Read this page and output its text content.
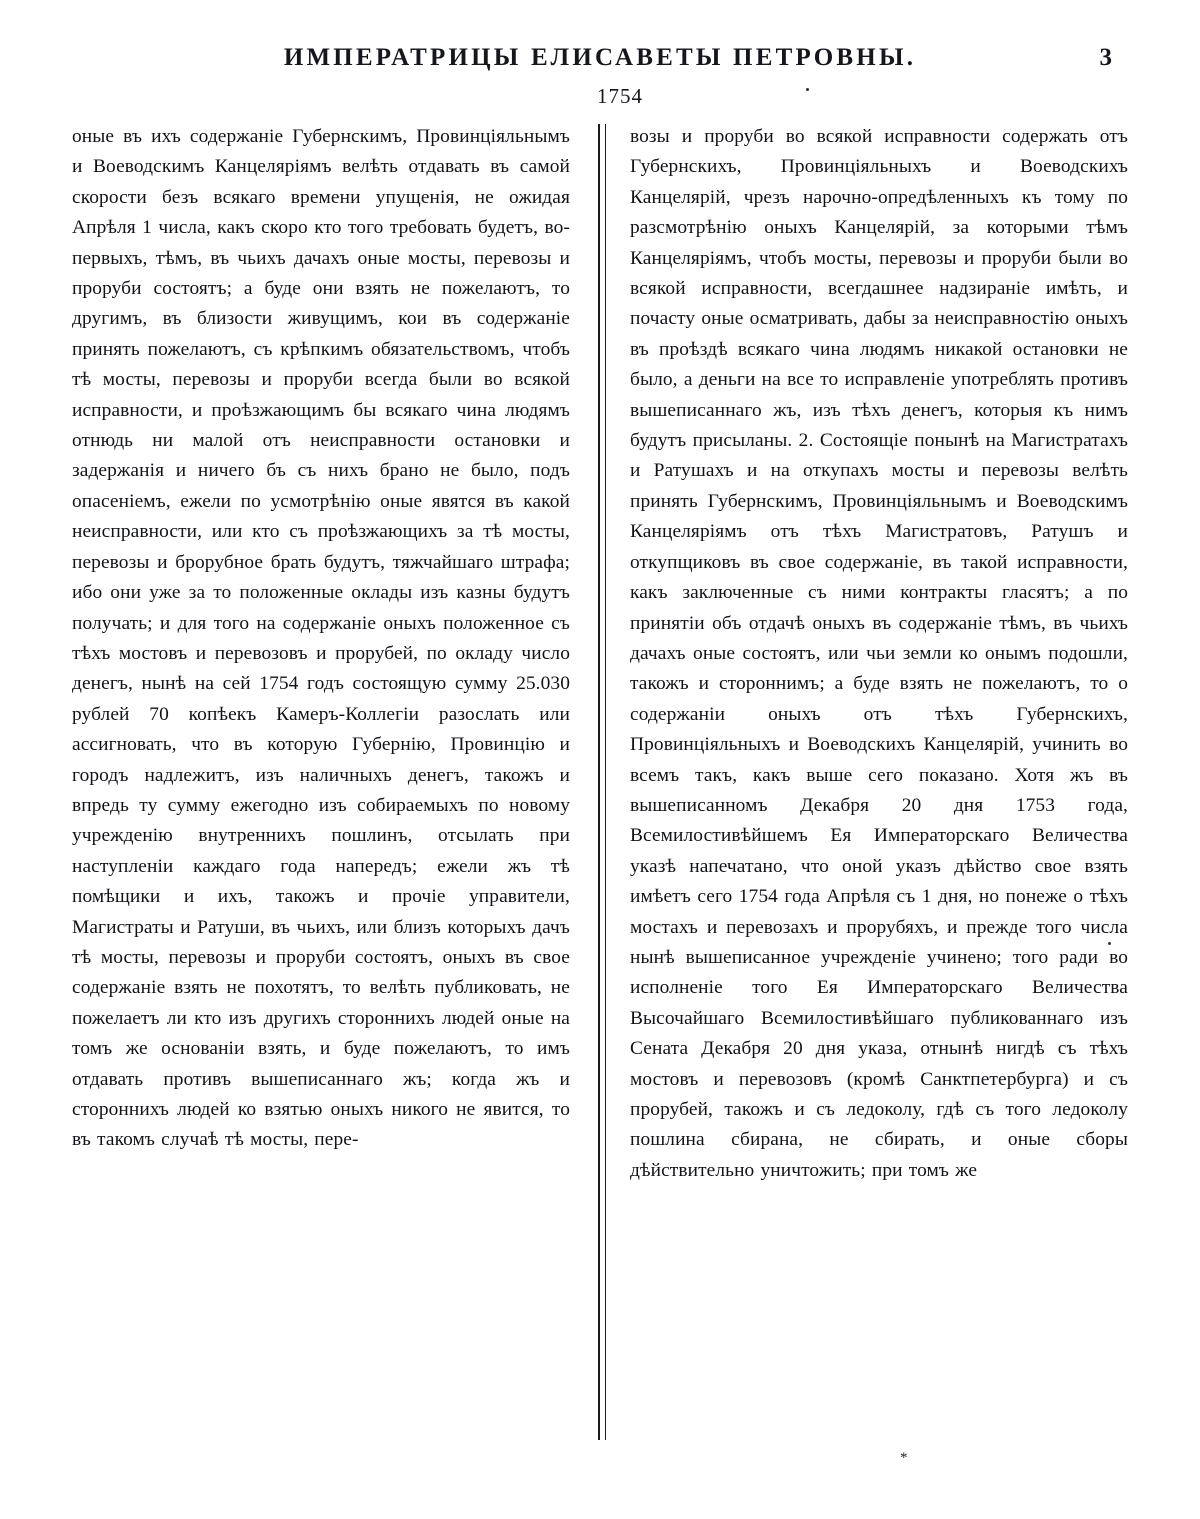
ИМПЕРАТРИЦЫ ЕЛИСАВЕТЫ ПЕТРОВНЫ.	3
1754
оные въ ихъ содержанiе Губернскимъ, Провинцiяльнымъ и Воеводскимъ Канцелярiямъ велѣть отдавать въ самой скорости безъ всякаго времени упущенiя, не ожидая Апрѣля 1 числа, какъ скоро кто того требовать будетъ, во-первыхъ, тѣмъ, въ чьихъ дачахъ оные мосты, перевозы и проруби состоятъ; а буде они взять не пожелаютъ, то другимъ, въ близости живущимъ, кои въ содержанiе принять пожелаютъ, съ крѣпкимъ обязательствомъ, чтобъ тѣ мосты, перевозы и проруби всегда были во всякой исправности, и проѣзжающимъ бы всякаго чина людямъ отнюдь ни малой отъ неисправности остановки и задержанiя и ничего бъ съ нихъ брано не было, подъ опасенiемъ, ежели по усмотрѣнiю оные явятся въ какой неисправности, или кто съ проѣзжающихъ за тѣ мосты, перевозы и брорубное брать будутъ, тяжчайшаго штрафа; ибо они уже за то положенные оклады изъ казны будутъ получать; и для того на содержанiе оныхъ положенное съ тѣхъ мостовъ и перевозовъ и прорубей, по окладу число денегъ, нынѣ на сей 1754 годъ состоящую сумму 25.030 рублей 70 копѣекъ Камеръ-Коллегiи разослать или ассигновать, что въ которую Губернiю, Провинцiю и городъ надлежитъ, изъ наличныхъ денегъ, такожъ и впредь ту сумму ежегодно изъ собираемыхъ по новому учрежденiю внутреннихъ пошлинъ, отсылать при наступленiи каждаго года напередъ; ежели жъ тѣ помѣщики и ихъ, такожъ и прочiе управители, Магистраты и Ратуши, въ чьихъ, или близъ которыхъ дачъ тѣ мосты, перевозы и проруби состоятъ, оныхъ въ свое содержанiе взять не похотятъ, то велѣть публиковать, не пожелаетъ ли кто изъ другихъ стороннихъ людей оные на томъ же основанiи взять, и буде пожелаютъ, то имъ отдавать противъ вышеписаннаго жъ; когда жъ и стороннихъ людей ко взятью оныхъ никого не явится, то въ такомъ случаѣ тѣ мосты, пере-
возы и проруби во всякой исправности содержать отъ Губернскихъ, Провинцiяльныхъ и Воеводскихъ Канцелярiй, чрезъ нарочно-опредѣленныхъ къ тому по разсмотрѣнiю оныхъ Канцелярiй, за которыми тѣмъ Канцелярiямъ, чтобъ мосты, перевозы и проруби были во всякой исправности, всегдашнее надзиранiе имѣть, и почасту оные осматривать, дабы за неисправностiю оныхъ въ проѣздѣ всякаго чина людямъ никакой остановки не было, а деньги на все то исправленiе употреблять противъ вышеписаннаго жъ, изъ тѣхъ денегъ, которыя къ нимъ будутъ присыланы. 2. Состоящiе понынѣ на Магистратахъ и Ратушахъ и на откупахъ мосты и перевозы велѣть принять Губернскимъ, Провинцiяльнымъ и Воеводскимъ Канцелярiямъ отъ тѣхъ Магистратовъ, Ратушъ и откупщиковъ въ свое содержанiе, въ такой исправности, какъ заключенные съ ними контракты гласятъ; а по принятiи объ отдачѣ оныхъ въ содержанiе тѣмъ, въ чьихъ дачахъ оные состоятъ, или чьи земли ко онымъ подошли, такожъ и стороннимъ; а буде взять не пожелаютъ, то о содержанiи оныхъ отъ тѣхъ Губернскихъ, Провинцiяльныхъ и Воеводскихъ Канцелярiй, учинить во всемъ такъ, какъ выше сего показано. Хотя жъ въ вышеписанномъ Декабря 20 дня 1753 года, Всемилостивѣйшемъ Ея Императорскаго Величества указѣ напечатано, что оной указъ дѣйство свое взять имѣетъ сего 1754 года Апрѣля съ 1 дня, но понеже о тѣхъ мостахъ и перевозахъ и прорубяхъ, и прежде того числа нынѣ вышеписанное учрежденiе учинено; того ради во исполненiе того Ея Императорскаго Величества Высочайшаго Всемилостивѣйшаго публикованнаго изъ Сената Декабря 20 дня указа, отнынѣ нигдѣ съ тѣхъ мостовъ и перевозовъ (кромѣ Санктпетербурга) и съ прорубей, такожъ и съ ледоколу, гдѣ съ того ледоколу пошлина сбирана, не сбирать, и оные сборы дѣйствительно уничтожить; при томъ же
*
